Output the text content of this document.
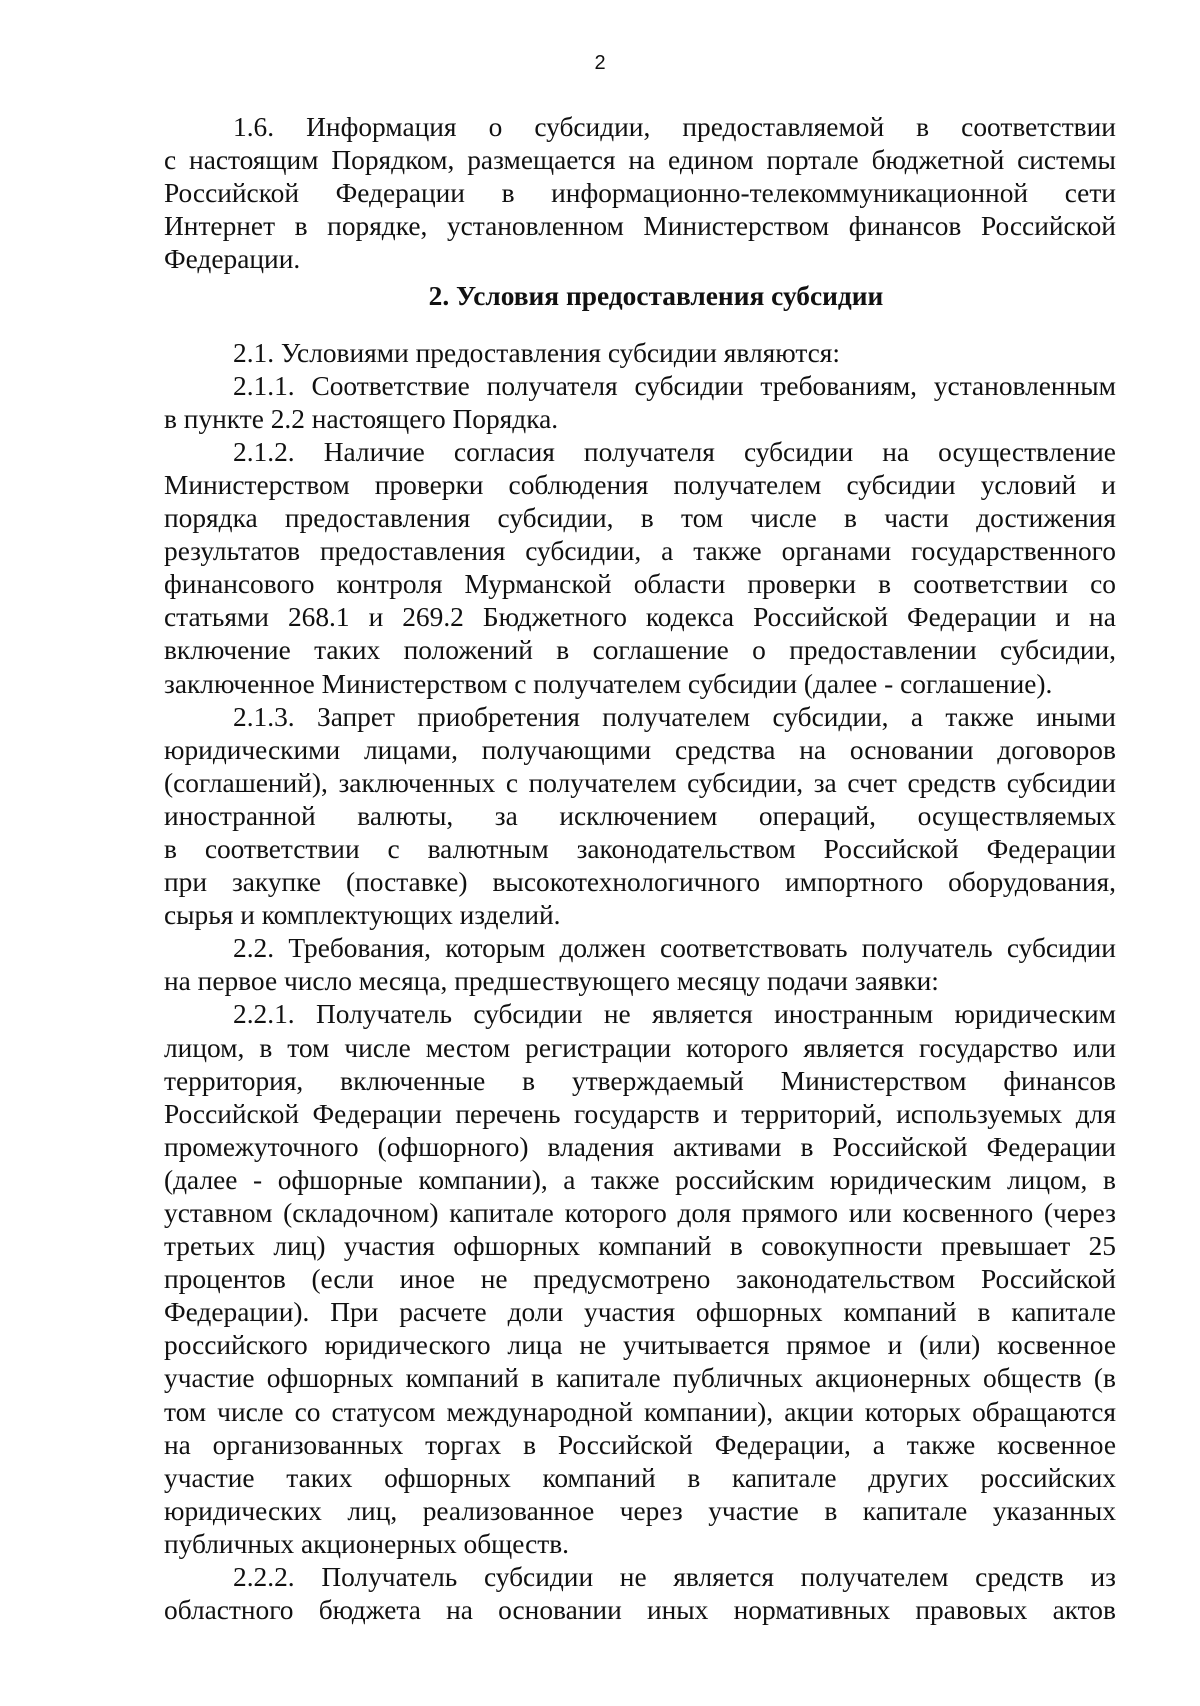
2
1.6. Информация о субсидии, предоставляемой в соответствии
с настоящим Порядком, размещается на едином портале бюджетной системы
Российской Федерации в информационно-телекоммуникационной сети
Интернет в порядке, установленном Министерством финансов Российской
Федерации.
2. Условия предоставления субсидии
2.1. Условиями предоставления субсидии являются:
2.1.1. Соответствие получателя субсидии требованиям, установленным
в пункте 2.2 настоящего Порядка.
2.1.2. Наличие согласия получателя субсидии на осуществление
Министерством проверки соблюдения получателем субсидии условий и
порядка предоставления субсидии, в том числе в части достижения
результатов предоставления субсидии, а также органами государственного
финансового контроля Мурманской области проверки в соответствии со
статьями 268.1 и 269.2 Бюджетного кодекса Российской Федерации и на
включение таких положений в соглашение о предоставлении субсидии,
заключенное Министерством с получателем субсидии (далее - соглашение).
2.1.3. Запрет приобретения получателем субсидии, а также иными
юридическими лицами, получающими средства на основании договоров
(соглашений), заключенных с получателем субсидии, за счет средств субсидии
иностранной валюты, за исключением операций, осуществляемых
в соответствии с валютным законодательством Российской Федерации
при закупке (поставке) высокотехнологичного импортного оборудования,
сырья и комплектующих изделий.
2.2. Требования, которым должен соответствовать получатель субсидии
на первое число месяца, предшествующего месяцу подачи заявки:
2.2.1. Получатель субсидии не является иностранным юридическим
лицом, в том числе местом регистрации которого является государство или
территория, включенные в утверждаемый Министерством финансов
Российской Федерации перечень государств и территорий, используемых для
промежуточного (офшорного) владения активами в Российской Федерации
(далее - офшорные компании), а также российским юридическим лицом, в
уставном (складочном) капитале которого доля прямого или косвенного (через
третьих лиц) участия офшорных компаний в совокупности превышает 25
процентов (если иное не предусмотрено законодательством Российской
Федерации). При расчете доли участия офшорных компаний в капитале
российского юридического лица не учитывается прямое и (или) косвенное
участие офшорных компаний в капитале публичных акционерных обществ (в
том числе со статусом международной компании), акции которых обращаются
на организованных торгах в Российской Федерации, а также косвенное
участие таких офшорных компаний в капитале других российских
юридических лиц, реализованное через участие в капитале указанных
публичных акционерных обществ.
2.2.2. Получатель субсидии не является получателем средств из
областного бюджета на основании иных нормативных правовых актов
